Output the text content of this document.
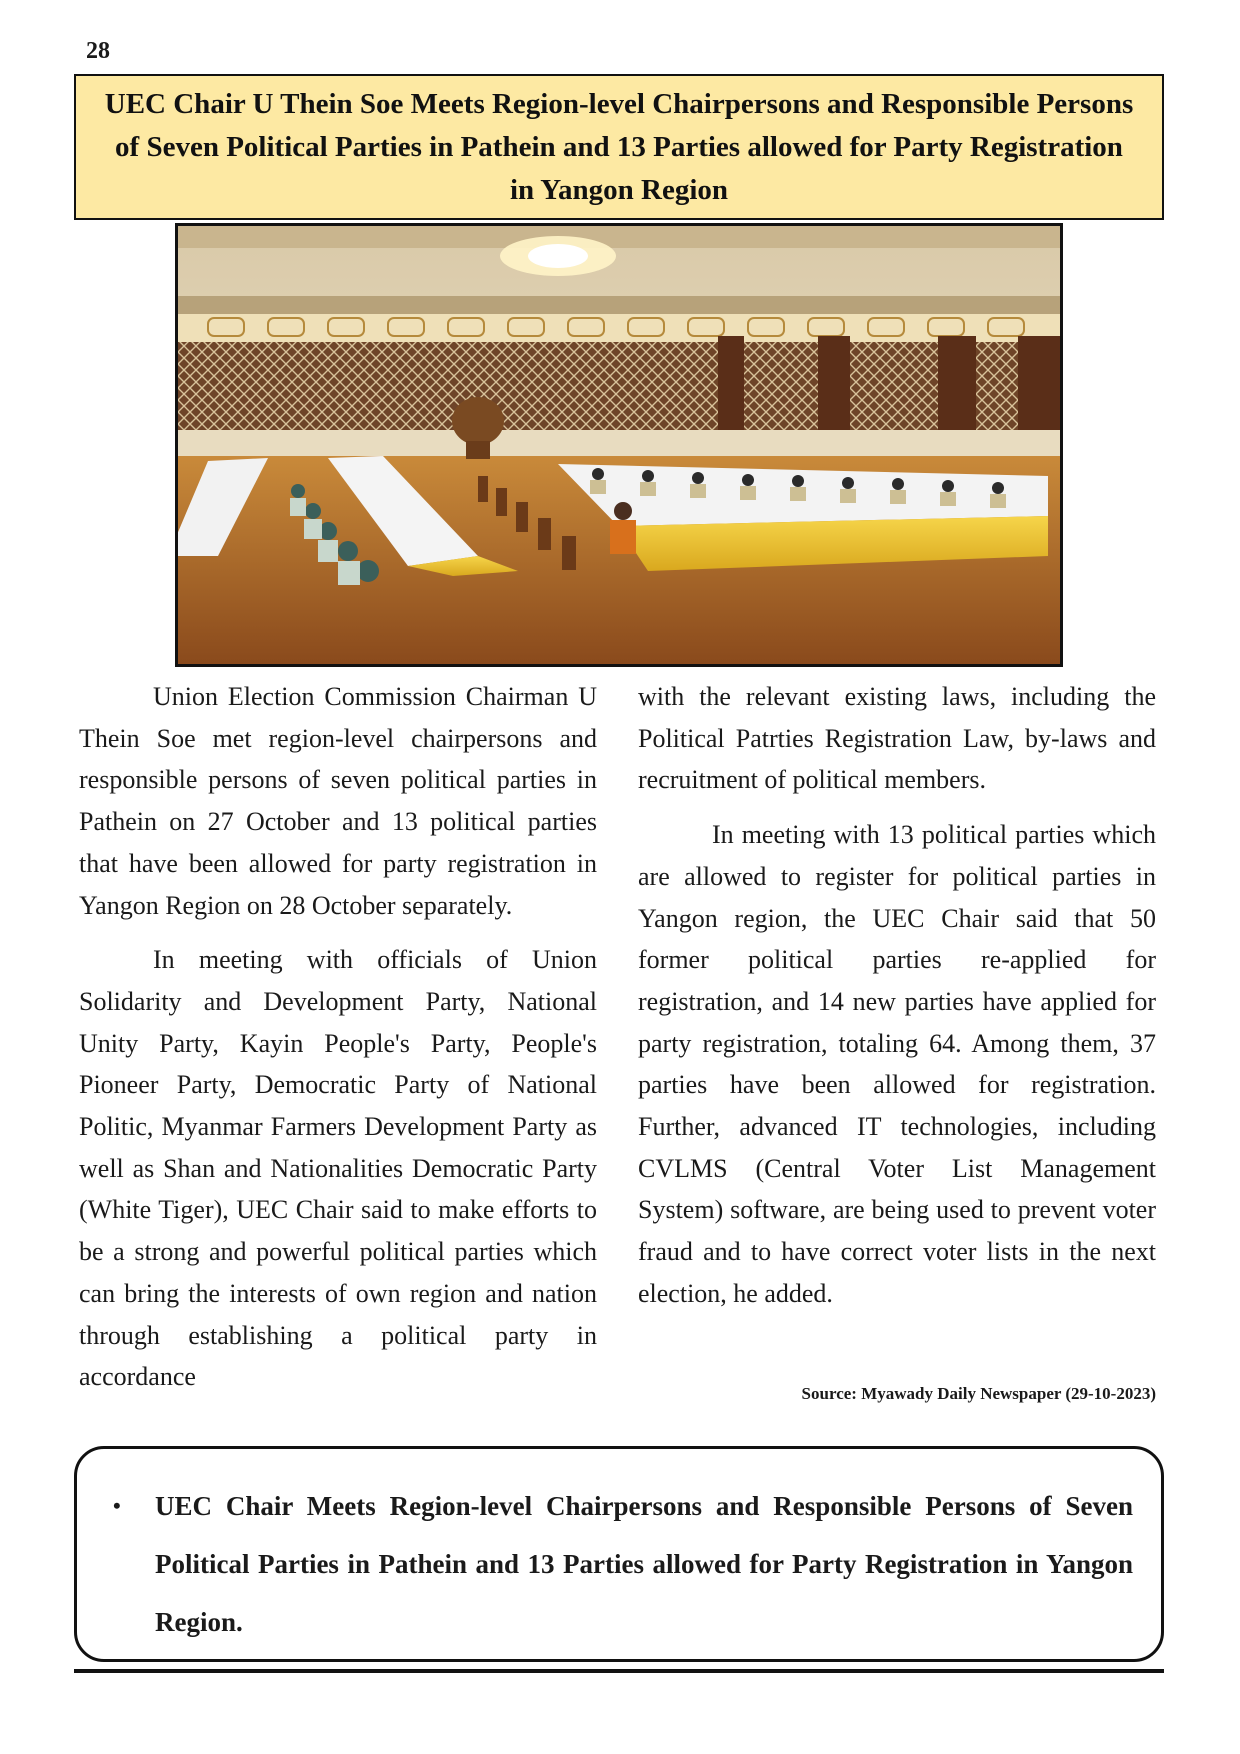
28
UEC Chair U Thein Soe Meets Region-level Chairpersons and Responsible Persons of Seven Political Parties in Pathein and 13 Parties allowed for Party Registration in Yangon Region

Union Election Commission Chairman U Thein Soe met region-level chairpersons and responsible persons of seven political parties in Pathein on 27 October and 13 political parties that have been allowed for party registration in Yangon Region on 28 October separately.

In meeting with officials of Union Solidarity and Development Party, National Unity Party, Kayin People's Party, People's Pioneer Party, Democratic Party of National Politic, Myanmar Farmers Development Party as well as Shan and Nationalities Democratic Party (White Tiger), UEC Chair said to make efforts to be a strong and powerful political parties which can bring the interests of own region and nation through establishing a political party in accordance

with the relevant existing laws, including the Political Patrties Registration Law, by-laws and recruitment of political members.

In meeting with 13 political parties which are allowed to register for political parties in Yangon region, the UEC Chair said that 50 former political parties re-applied for registration, and 14 new parties have applied for party registration, totaling 64. Among them, 37 parties have been allowed for registration. Further, advanced IT technologies, including CVLMS (Central Voter List Management System) software, are being used to prevent voter fraud and to have correct voter lists in the next election, he added.

Source: Myawady Daily Newspaper (29-10-2023)
• UEC Chair Meets Region-level Chairpersons and Responsible Persons of Seven Political Parties in Pathein and 13 Parties allowed for Party Registration in Yangon Region.
